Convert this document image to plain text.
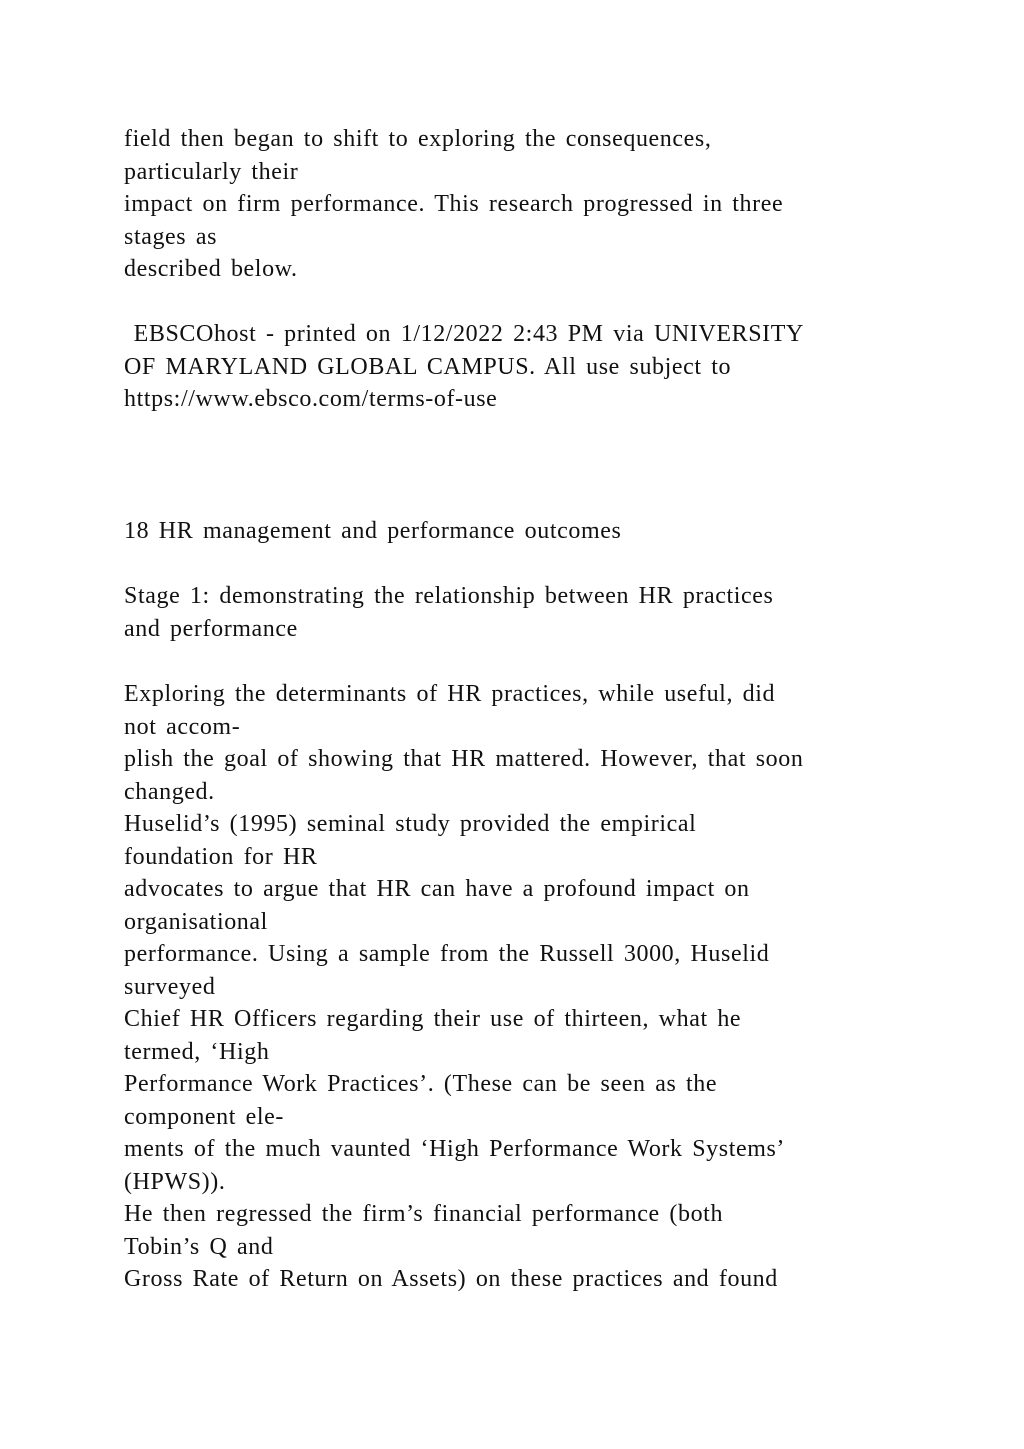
field then began to shift to exploring the consequences,
particularly their
impact on firm performance. This research progressed in three
stages as
described below.
EBSCOhost - printed on 1/12/2022 2:43 PM via UNIVERSITY
OF MARYLAND GLOBAL CAMPUS. All use subject to
https://www.ebsco.com/terms-of-use
18 HR management and performance outcomes
Stage 1: demonstrating the relationship between HR practices
and performance
Exploring the determinants of HR practices, while useful, did
not accom-
plish the goal of showing that HR mattered. However, that soon
changed.
Huselid’s (1995) seminal study provided the empirical
foundation for HR
advocates to argue that HR can have a profound impact on
organisational
performance. Using a sample from the Russell 3000, Huselid
surveyed
Chief HR Officers regarding their use of thirteen, what he
termed, ‘High
Performance Work Practices’. (These can be seen as the
component ele-
ments of the much vaunted ‘High Performance Work Systems’
(HPWS)).
He then regressed the firm’s financial performance (both
Tobin’s Q and
Gross Rate of Return on Assets) on these practices and found
